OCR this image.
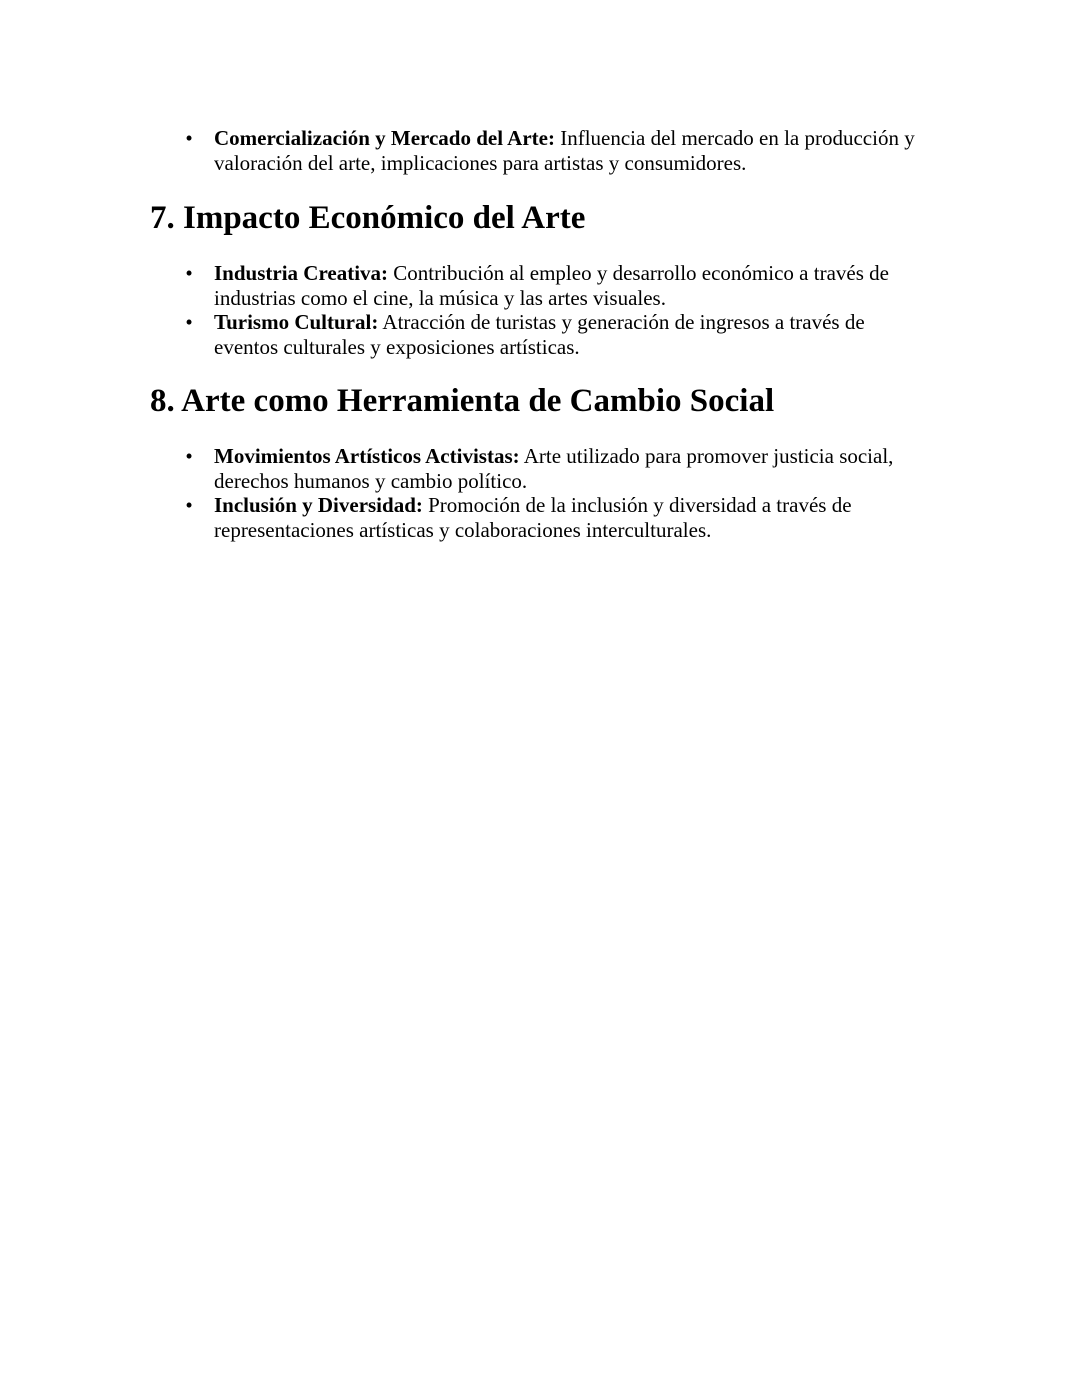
• Comercialización y Mercado del Arte: Influencia del mercado en la producción y valoración del arte, implicaciones para artistas y consumidores.
7. Impacto Económico del Arte
• Industria Creativa: Contribución al empleo y desarrollo económico a través de industrias como el cine, la música y las artes visuales.
• Turismo Cultural: Atracción de turistas y generación de ingresos a través de eventos culturales y exposiciones artísticas.
8. Arte como Herramienta de Cambio Social
• Movimientos Artísticos Activistas: Arte utilizado para promover justicia social, derechos humanos y cambio político.
• Inclusión y Diversidad: Promoción de la inclusión y diversidad a través de representaciones artísticas y colaboraciones interculturales.
